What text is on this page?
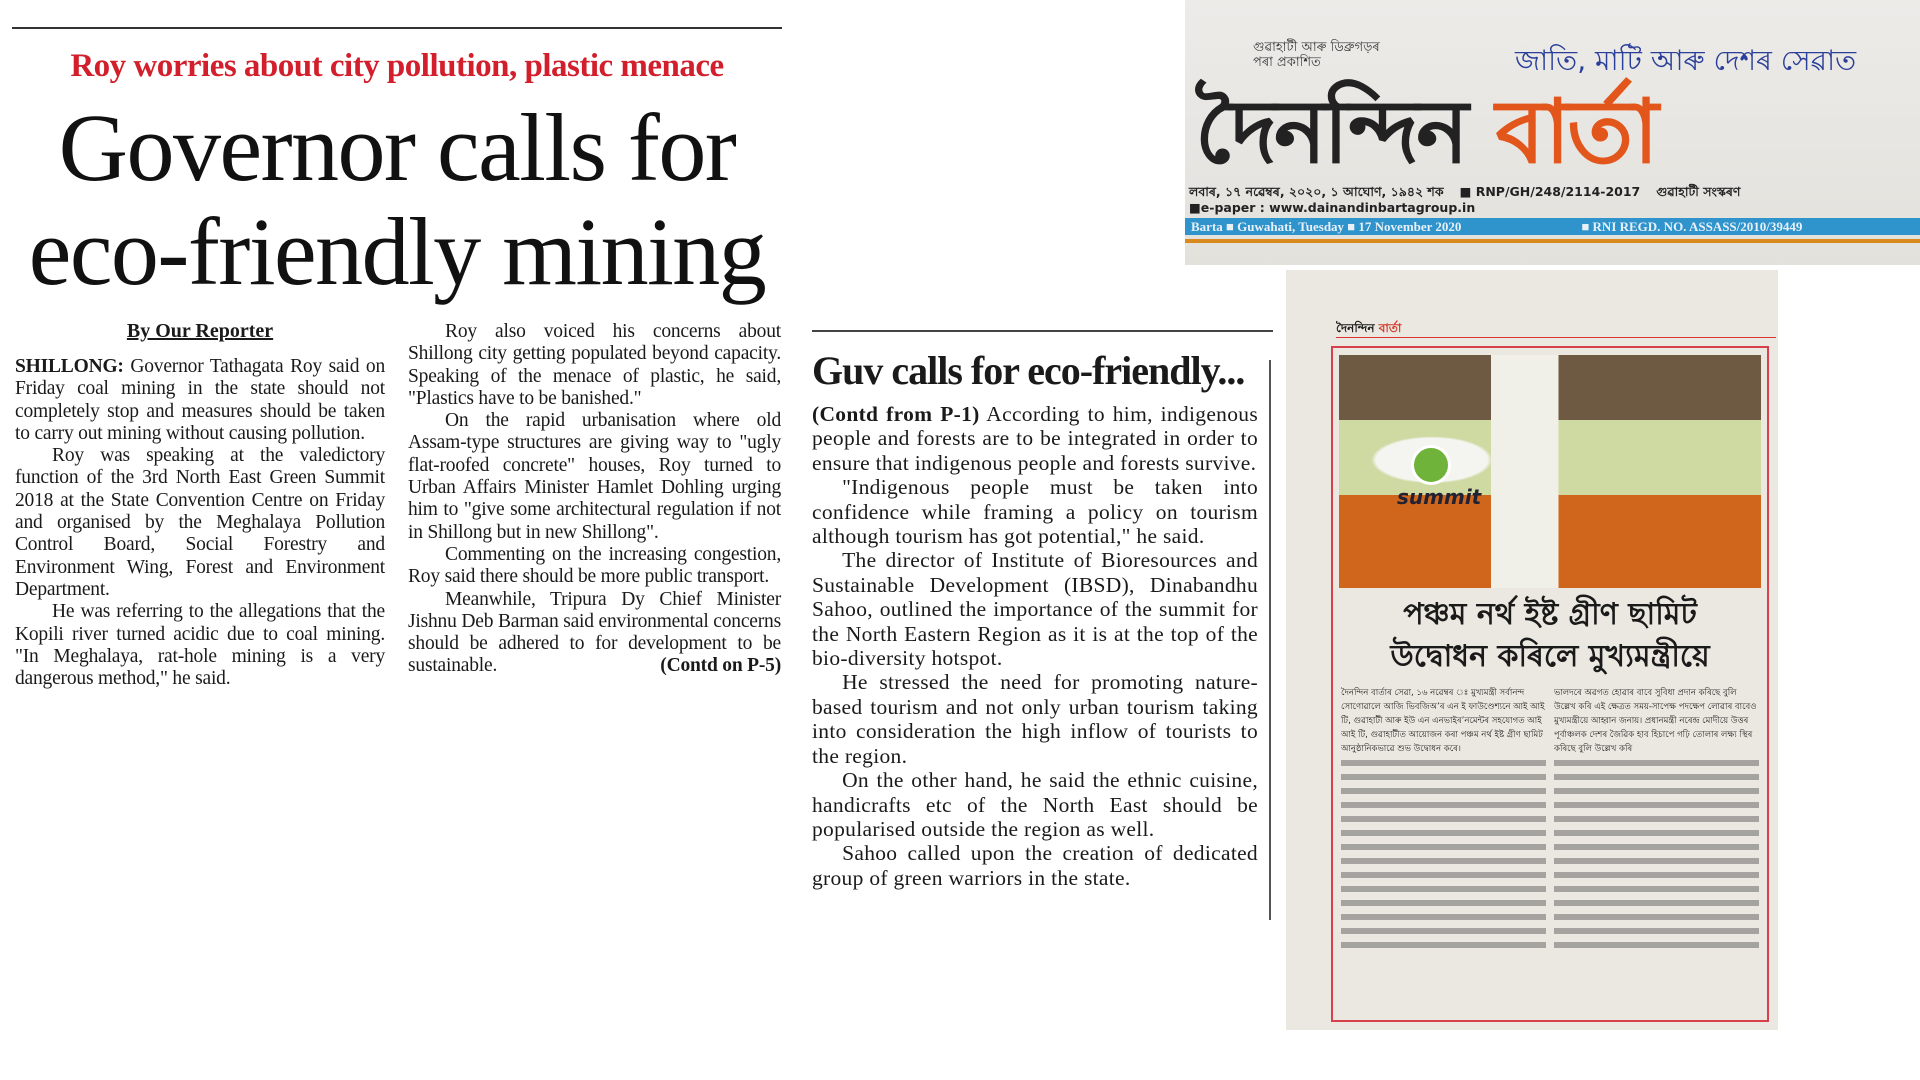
Roy worries about city pollution, plastic menace
Governor calls for
eco-friendly mining
By Our Reporter

SHILLONG: Governor Tathagata Roy said on Friday coal mining in the state should not completely stop and measures should be taken to carry out mining without causing pollution.

Roy was speaking at the valedictory function of the 3rd North East Green Summit 2018 at the State Convention Centre on Friday and organised by the Meghalaya Pollution Control Board, Social Forestry and Environment Wing, Forest and Environment Department.

He was referring to the allegations that the Kopili river turned acidic due to coal mining. "In Meghalaya, rat-hole mining is a very dangerous method," he said.

Roy also voiced his concerns about Shillong city getting populated beyond capacity. Speaking of the menace of plastic, he said, "Plastics have to be banished."

On the rapid urbanisation where old Assam-type structures are giving way to "ugly flat-roofed concrete" houses, Roy turned to Urban Affairs Minister Hamlet Dohling urging him to "give some architectural regulation if not in Shillong but in new Shillong".

Commenting on the increasing congestion, Roy said there should be more public transport.

Meanwhile, Tripura Dy Chief Minister Jishnu Deb Barman said environmental concerns should be adhered to for development to be sustainable.	(Contd on P-5)

Guv calls for eco-friendly...

(Contd from P-1) According to him, indigenous people and forests are to be integrated in order to ensure that indigenous people and forests survive.

"Indigenous people must be taken into confidence while framing a policy on tourism although tourism has got potential," he said.

The director of Institute of Bioresources and Sustainable Development (IBSD), Dinabandhu Sahoo, outlined the importance of the summit for the North Eastern Region as it is at the top of the bio-diversity hotspot.

He stressed the need for promoting nature-based tourism and not only urban tourism taking into consideration the high inflow of tourists to the region.

On the other hand, he said the ethnic cuisine, handicrafts etc of the North East should be popularised outside the region as well.

Sahoo called upon the creation of dedicated group of green warriors in the state.

গুৱাহাটী আৰু ডিব্ৰুগড়ৰ পৰা প্ৰকাশিত	জাতি, মাটি আৰু দেশৰ সেৱাত
দৈনন্দিন বাৰ্তা
লবাৰ, ১৭ নৱেম্বৰ, ২০২০, ১ আঘোণ, ১৯৪২ শক ■ RNP/GH/248/2114-2017 গুৱাহাটী সংস্কৰণ
■e-paper : www.dainandinbartagroup.in
Barta ■ Guwahati, Tuesday ■ 17 November 2020	■ RNI REGD. NO. ASSASS/2010/39449
দৈনন্দিন বাৰ্তা
summit
পঞ্চম নৰ্থ ইষ্ট গ্ৰীণ ছামিট
উদ্বোধন কৰিলে মুখ্যমন্ত্ৰীয়ে
দৈনন্দিন বাৰ্তাৰ সেৱা, ১৬ নৱেম্বৰ ঃ মুখ্যমন্ত্ৰী সৰ্বানন্দ সোণোৱালে আজি ভিবজিঅ’ৰ এন ই ফাউণ্ডেশ্যনে আই আই টি, গুৱাহাটী আৰু ইউ এন এনভাইৰ’নমেন্টৰ সহযোগত আই আই টি, গুৱাহাটীত আয়োজন কৰা পঞ্চম নৰ্থ ইষ্ট গ্ৰীণ ছামিট আনুষ্ঠানিকভাৱে শুভ উদ্বোধন কৰে।
ভালদৰে অৱগত হোৱাৰ বাবে সুবিধা প্ৰদান কৰিছে বুলি উল্লেখ কৰি এই ক্ষেত্ৰত সময়-সাপেক্ষ পদক্ষেপ লোৱাৰ বাবেও মুখ্যমন্ত্ৰীয়ে আহ্বান জনায়। প্ৰধানমন্ত্ৰী নৰেন্দ্ৰ মোদীয়ে উত্তৰ পূৰ্বাঞ্চলক দেশৰ জৈৱিক হাব হিচাপে গঢ়ি তোলাৰ লক্ষ্য স্থিৰ কৰিছে বুলি উল্লেখ কৰি
